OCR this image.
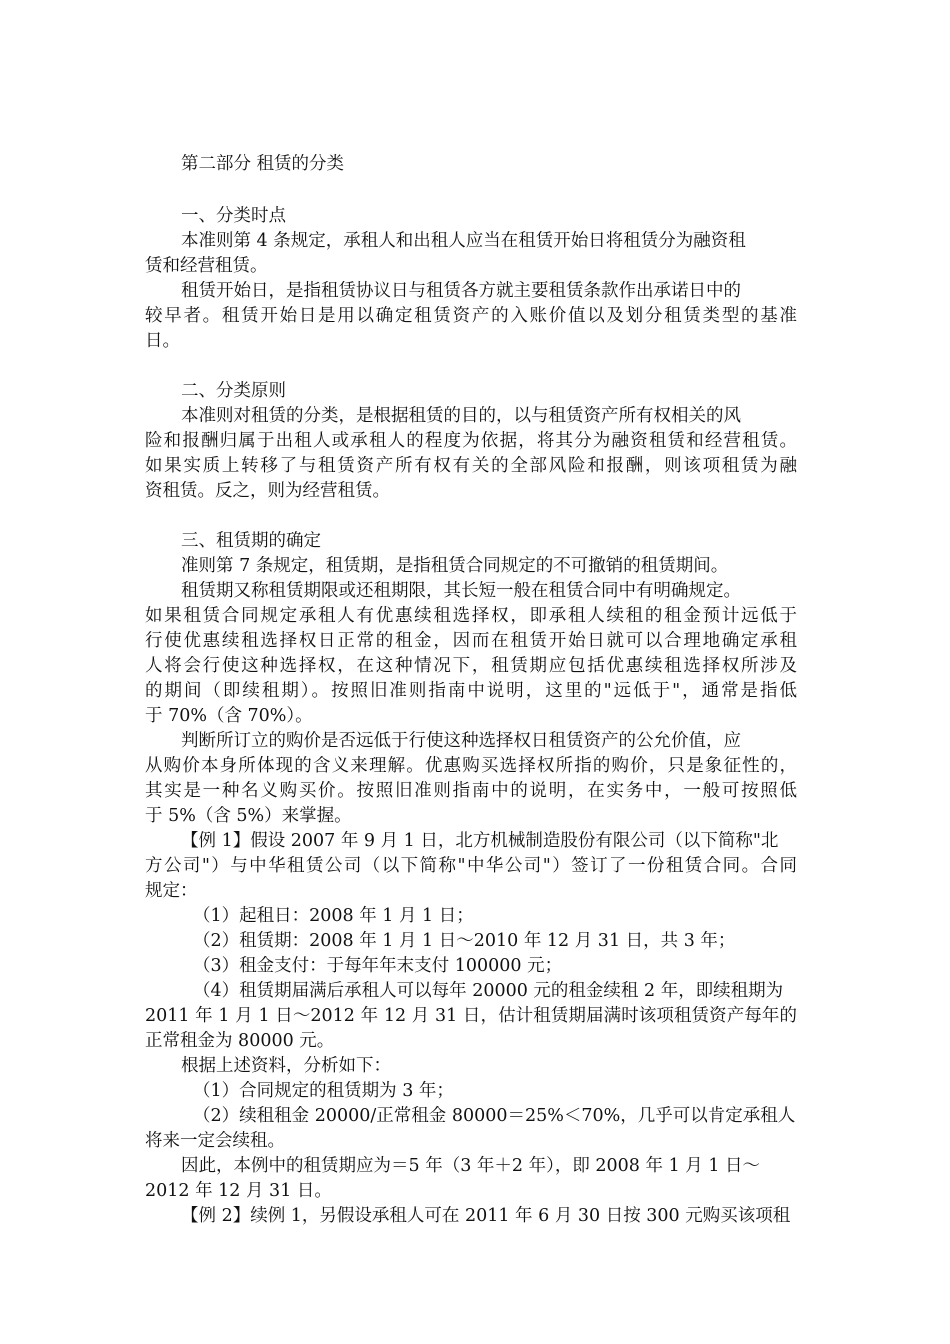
第二部分 租赁的分类
一、分类时点
本准则第 4 条规定，承租人和出租人应当在租赁开始日将租赁分为融资租
赁和经营租赁。
租赁开始日，是指租赁协议日与租赁各方就主要租赁条款作出承诺日中的
较早者。租赁开始日是用以确定租赁资产的入账价值以及划分租赁类型的基准
日。
二、分类原则
本准则对租赁的分类，是根据租赁的目的，以与租赁资产所有权相关的风
险和报酬归属于出租人或承租人的程度为依据，将其分为融资租赁和经营租赁。
如果实质上转移了与租赁资产所有权有关的全部风险和报酬，则该项租赁为融
资租赁。反之，则为经营租赁。
三、租赁期的确定
准则第 7 条规定，租赁期，是指租赁合同规定的不可撤销的租赁期间。
租赁期又称租赁期限或还租期限，其长短一般在租赁合同中有明确规定。
如果租赁合同规定承租人有优惠续租选择权，即承租人续租的租金预计远低于
行使优惠续租选择权日正常的租金，因而在租赁开始日就可以合理地确定承租
人将会行使这种选择权，在这种情况下，租赁期应包括优惠续租选择权所涉及
的期间（即续租期）。按照旧准则指南中说明，这里的"远低于"，通常是指低
于 70%（含 70%）。
判断所订立的购价是否远低于行使这种选择权日租赁资产的公允价值，应
从购价本身所体现的含义来理解。优惠购买选择权所指的购价，只是象征性的，
其实是一种名义购买价。按照旧准则指南中的说明，在实务中，一般可按照低
于 5%（含 5%）来掌握。
【例 1】假设 2007 年 9 月 1 日，北方机械制造股份有限公司（以下简称"北
方公司"）与中华租赁公司（以下简称"中华公司"）签订了一份租赁合同。合同
规定：
（1）起租日：2008 年 1 月 1 日；
（2）租赁期：2008 年 1 月 1 日～2010 年 12 月 31 日，共 3 年；
（3）租金支付：于每年年末支付 100000 元；
（4）租赁期届满后承租人可以每年 20000 元的租金续租 2 年，即续租期为
2011 年 1 月 1 日～2012 年 12 月 31 日，估计租赁期届满时该项租赁资产每年的
正常租金为 80000 元。
根据上述资料，分析如下：
（1）合同规定的租赁期为 3 年；
（2）续租租金 20000/正常租金 80000＝25%＜70%，几乎可以肯定承租人
将来一定会续租。
因此，本例中的租赁期应为＝5 年（3 年＋2 年），即 2008 年 1 月 1 日～
2012 年 12 月 31 日。
【例 2】续例 1，另假设承租人可在 2011 年 6 月 30 日按 300 元购买该项租
